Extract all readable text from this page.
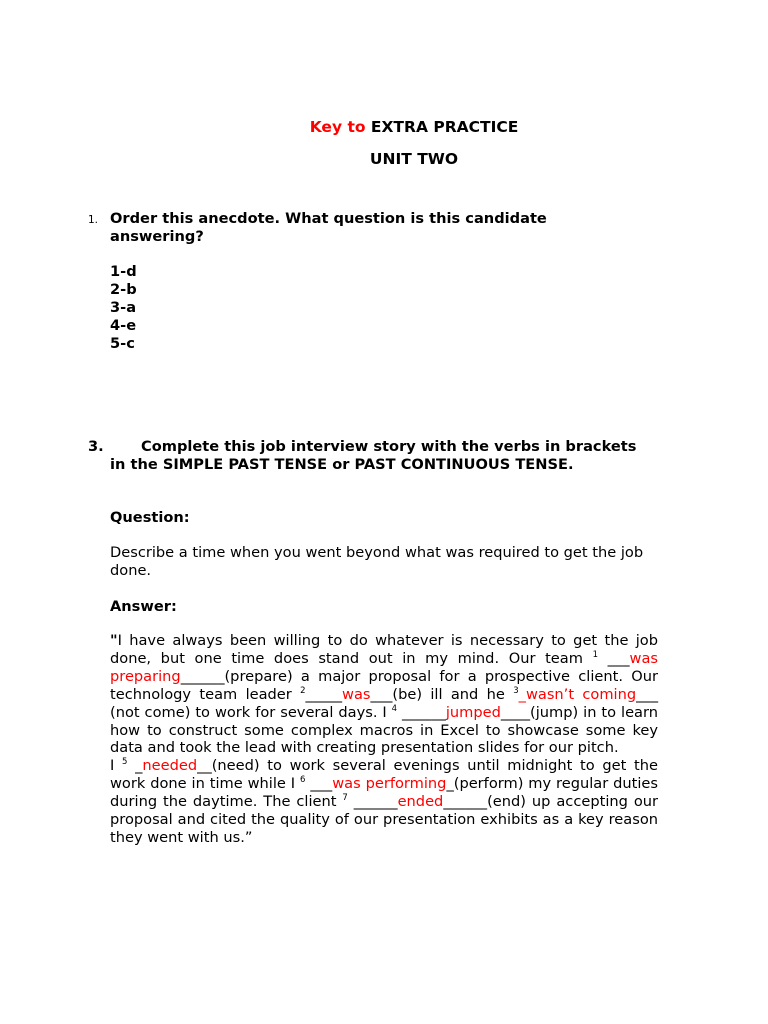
Key to EXTRA PRACTICE
UNIT TWO
1. Order this anecdote. What question is this candidate answering?
1-d
2-b
3-a
4-e
5-c
3.	Complete this job interview story with the verbs in brackets in the SIMPLE PAST TENSE or PAST CONTINUOUS TENSE.
Question:
Describe a time when you went beyond what was required to get the job done.
Answer:
"I have always been willing to do whatever is necessary to get the job done, but one time does stand out in my mind. Our team $^1$ ___was preparing______(prepare) a major proposal for a prospective client. Our technology team leader $^2$_____was___(be) ill and he $^3$_wasn’t coming___ (not come) to work for several days. I $^4$ ______jumped____(jump) in to learn how to construct some complex macros in Excel to showcase some key data and took the lead with creating presentation slides for our pitch.
I $^5$ _needed__(need) to work several evenings until midnight to get the work done in time while I $^6$ ___was performing_(perform) my regular duties during the daytime. The client $^7$ ______ended______(end) up accepting our proposal and cited the quality of our presentation exhibits as a key reason they went with us.”
